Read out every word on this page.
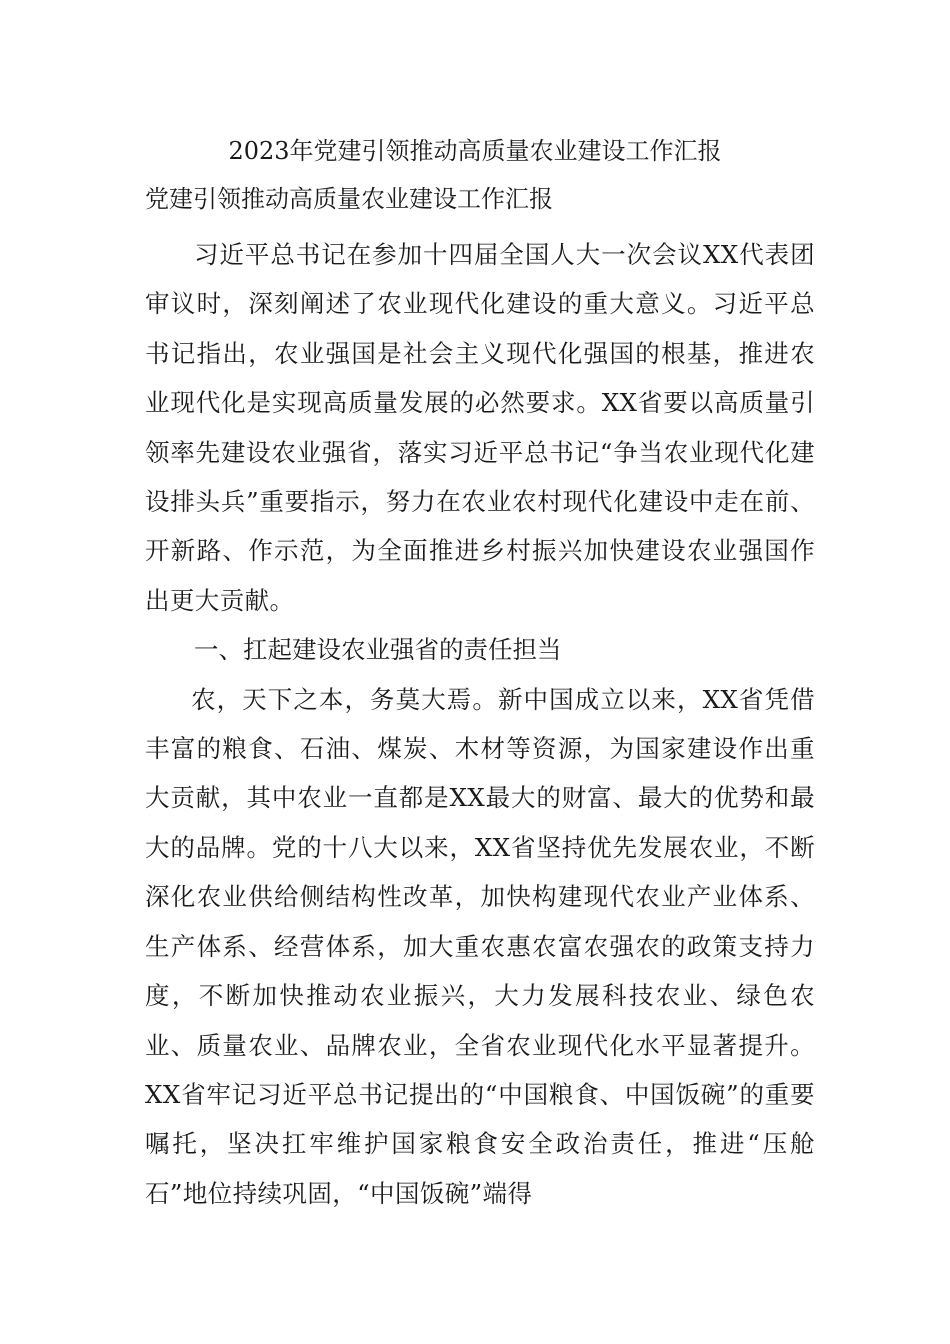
2023年党建引领推动高质量农业建设工作汇报
党建引领推动高质量农业建设工作汇报

习近平总书记在参加十四届全国人大一次会议XX代表团审议时，深刻阐述了农业现代化建设的重大意义。习近平总书记指出，农业强国是社会主义现代化强国的根基，推进农业现代化是实现高质量发展的必然要求。XX省要以高质量引领率先建设农业强省，落实习近平总书记“争当农业现代化建设排头兵”重要指示，努力在农业农村现代化建设中走在前、开新路、作示范，为全面推进乡村振兴加快建设农业强国作出更大贡献。

一、扛起建设农业强省的责任担当

农，天下之本，务莫大焉。新中国成立以来，XX省凭借丰富的粮食、石油、煤炭、木材等资源，为国家建设作出重大贡献，其中农业一直都是XX最大的财富、最大的优势和最大的品牌。党的十八大以来，XX省坚持优先发展农业，不断深化农业供给侧结构性改革，加快构建现代农业产业体系、生产体系、经营体系，加大重农惠农富农强农的政策支持力度，不断加快推动农业振兴，大力发展科技农业、绿色农业、质量农业、品牌农业，全省农业现代化水平显著提升。XX省牢记习近平总书记提出的“中国粮食、中国饭碗”的重要嘱托，坚决扛牢维护国家粮食安全政治责任，推进“压舱石”地位持续巩固，“中国饭碗”端得
